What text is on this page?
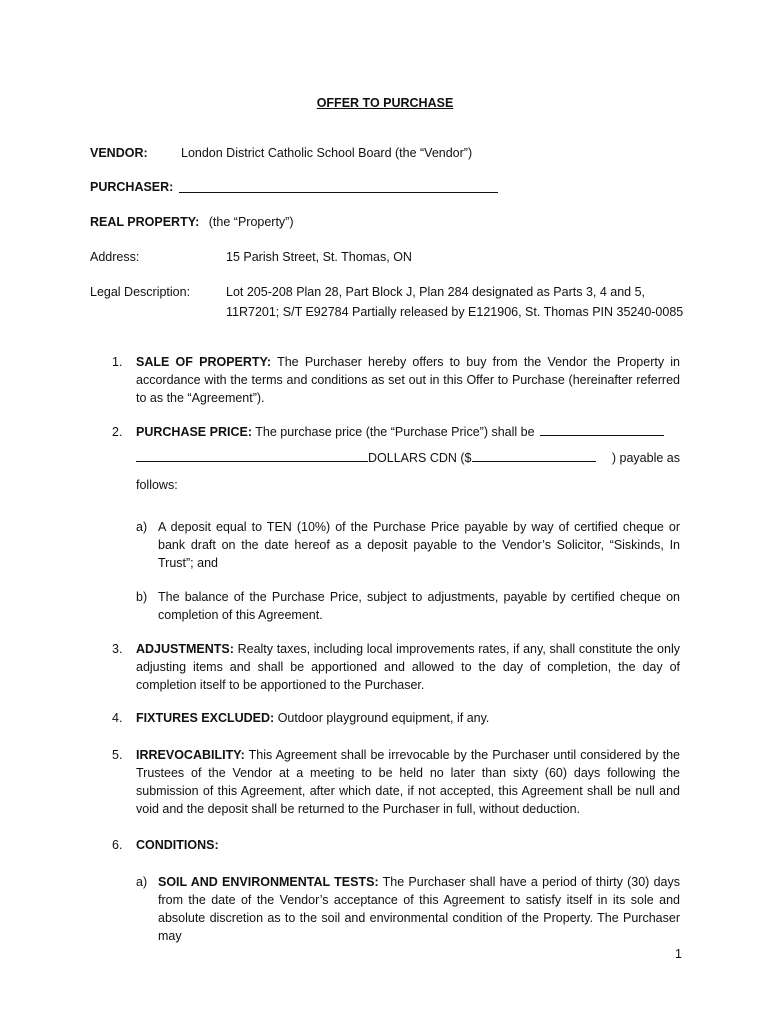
OFFER TO PURCHASE
VENDOR:	London District Catholic School Board (the “Vendor”)
PURCHASER:
REAL PROPERTY: (the “Property”)
Address:	15 Parish Street, St. Thomas, ON
Legal Description:	Lot 205-208 Plan 28, Part Block J, Plan 284 designated as Parts 3, 4 and 5,
11R7201; S/T E92784 Partially released by E121906, St. Thomas PIN 35240-0085
1. SALE OF PROPERTY: The Purchaser hereby offers to buy from the Vendor the Property in accordance with the terms and conditions as set out in this Offer to Purchase (hereinafter referred to as the “Agreement”).
2. PURCHASE PRICE: The purchase price (the “Purchase Price”) shall be
DOLLARS CDN ($	) payable as
follows:
a) A deposit equal to TEN (10%) of the Purchase Price payable by way of certified cheque or bank draft on the date hereof as a deposit payable to the Vendor’s Solicitor, “Siskinds, In Trust”; and
b) The balance of the Purchase Price, subject to adjustments, payable by certified cheque on completion of this Agreement.
3. ADJUSTMENTS: Realty taxes, including local improvements rates, if any, shall constitute the only adjusting items and shall be apportioned and allowed to the day of completion, the day of completion itself to be apportioned to the Purchaser.
4. FIXTURES EXCLUDED: Outdoor playground equipment, if any.
5. IRREVOCABILITY: This Agreement shall be irrevocable by the Purchaser until considered by the Trustees of the Vendor at a meeting to be held no later than sixty (60) days following the submission of this Agreement, after which date, if not accepted, this Agreement shall be null and void and the deposit shall be returned to the Purchaser in full, without deduction.
6. CONDITIONS:
a) SOIL AND ENVIRONMENTAL TESTS: The Purchaser shall have a period of thirty (30) days from the date of the Vendor’s acceptance of this Agreement to satisfy itself in its sole and absolute discretion as to the soil and environmental condition of the Property. The Purchaser may
1
